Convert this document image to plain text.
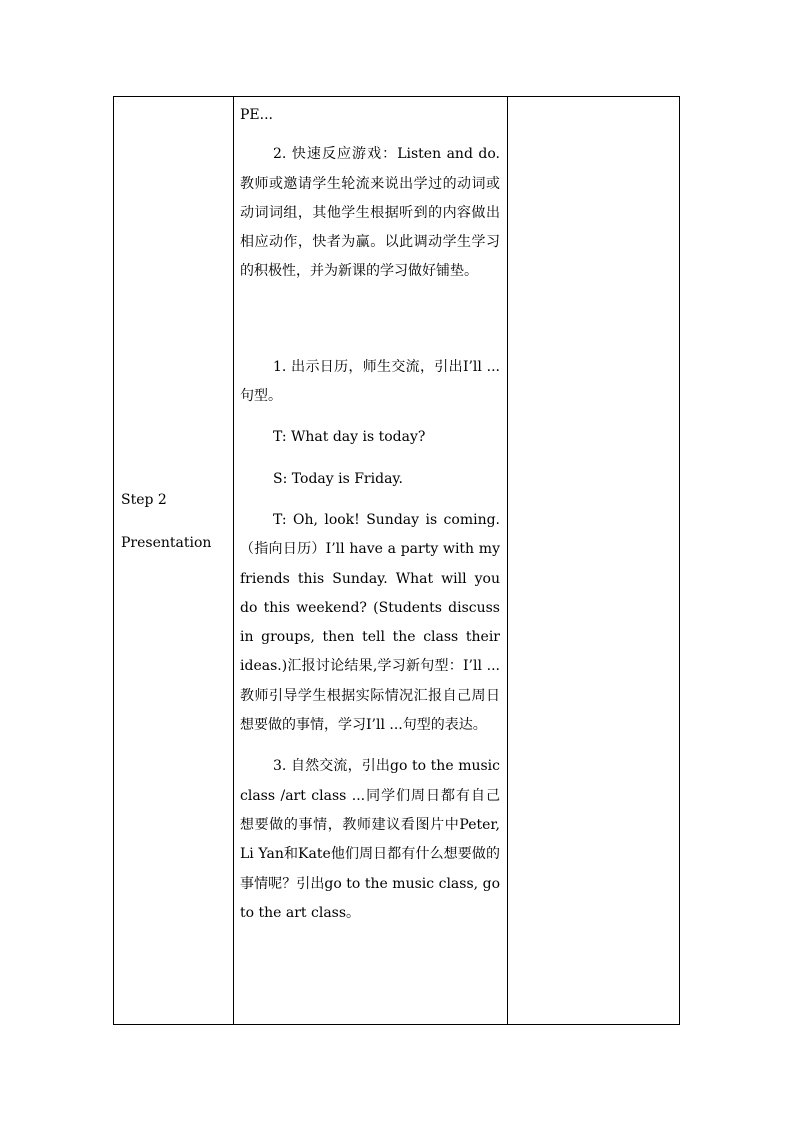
Step 2
Presentation

PE...

2. 快速反应游戏：Listen and do.教师或邀请学生轮流来说出学过的动词或动词词组，其他学生根据听到的内容做出相应动作，快者为赢。以此调动学生学习的积极性，并为新课的学习做好铺垫。

1. 出示日历，师生交流，引出I’ll ...句型。

T: What day is today?

S: Today is Friday.

T: Oh, look! Sunday is coming.（指向日历）I’ll have a party with my friends this Sunday. What will you do this weekend? (Students discuss in groups, then tell the class their ideas.)汇报讨论结果,学习新句型：I’ll ...教师引导学生根据实际情况汇报自己周日想要做的事情，学习I’ll ...句型的表达。

3. 自然交流，引出go to the music class /art class ...同学们周日都有自己想要做的事情，教师建议看图片中Peter, Li Yan和Kate他们周日都有什么想要做的事情呢？引出go to the music class, go to the art class。
